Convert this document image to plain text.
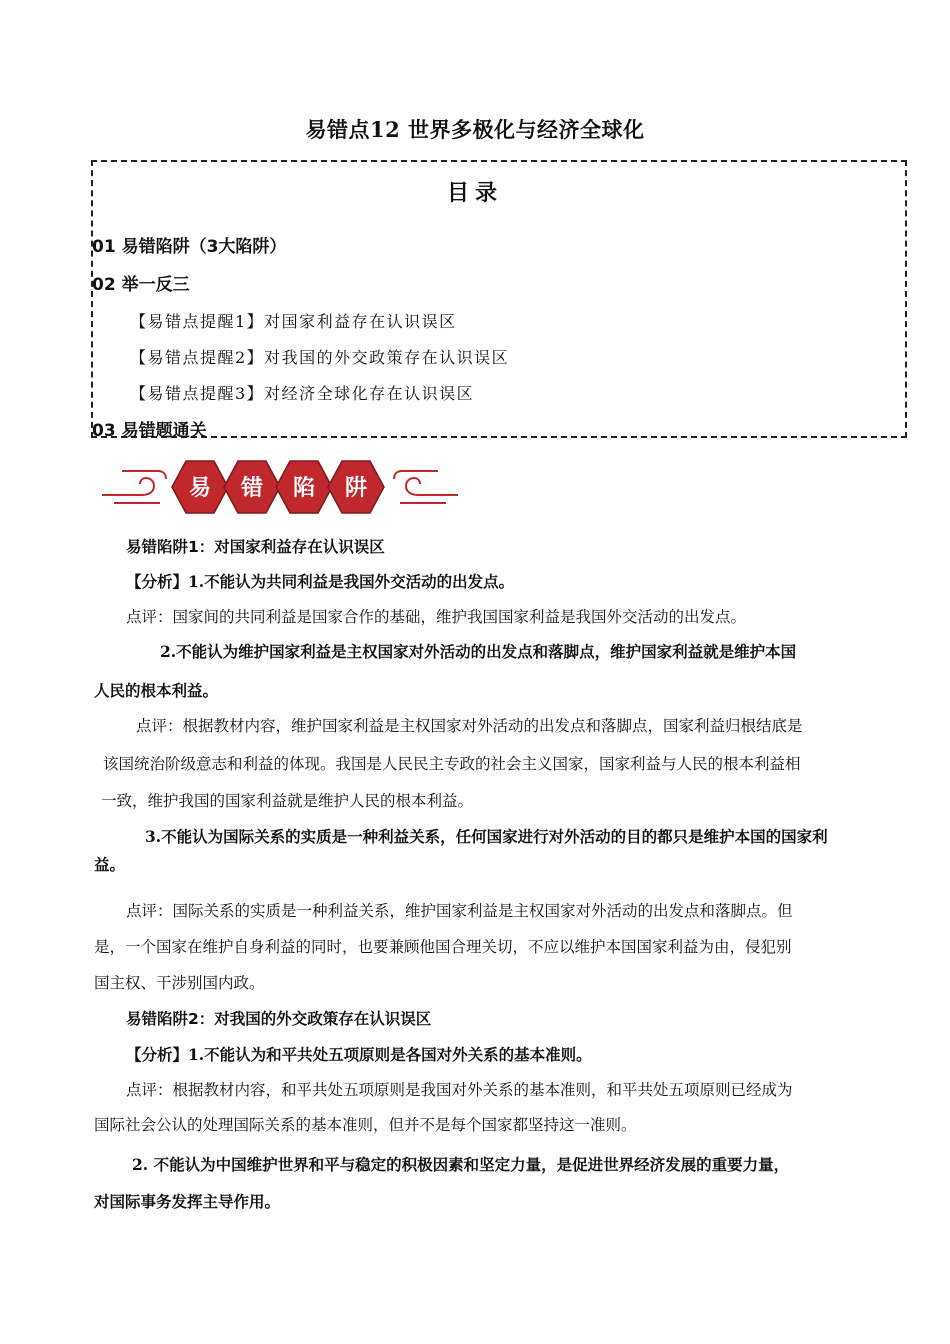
易错点12 世界多极化与经济全球化
目录
01 易错陷阱（3大陷阱）
02 举一反三
【易错点提醒1】对国家利益存在认识误区
【易错点提醒2】对我国的外交政策存在认识误区
【易错点提醒3】对经济全球化存在认识误区
03 易错题通关
易 错 陷 阱
易错陷阱1：对国家利益存在认识误区
【分析】1.不能认为共同利益是我国外交活动的出发点。
点评：国家间的共同利益是国家合作的基础，维护我国国家利益是我国外交活动的出发点。
2.不能认为维护国家利益是主权国家对外活动的出发点和落脚点，维护国家利益就是维护本国
人民的根本利益。
点评：根据教材内容，维护国家利益是主权国家对外活动的出发点和落脚点，国家利益归根结底是
该国统治阶级意志和利益的体现。我国是人民民主专政的社会主义国家，国家利益与人民的根本利益相
一致，维护我国的国家利益就是维护人民的根本利益。
3.不能认为国际关系的实质是一种利益关系，任何国家进行对外活动的目的都只是维护本国的国家利
益。
点评：国际关系的实质是一种利益关系，维护国家利益是主权国家对外活动的出发点和落脚点。但
是，一个国家在维护自身利益的同时，也要兼顾他国合理关切，不应以维护本国国家利益为由，侵犯别
国主权、干涉别国内政。
易错陷阱2：对我国的外交政策存在认识误区
【分析】1.不能认为和平共处五项原则是各国对外关系的基本准则。
点评：根据教材内容，和平共处五项原则是我国对外关系的基本准则，和平共处五项原则已经成为
国际社会公认的处理国际关系的基本准则，但并不是每个国家都坚持这一准则。
2. 不能认为中国维护世界和平与稳定的积极因素和坚定力量，是促进世界经济发展的重要力量，
对国际事务发挥主导作用。
